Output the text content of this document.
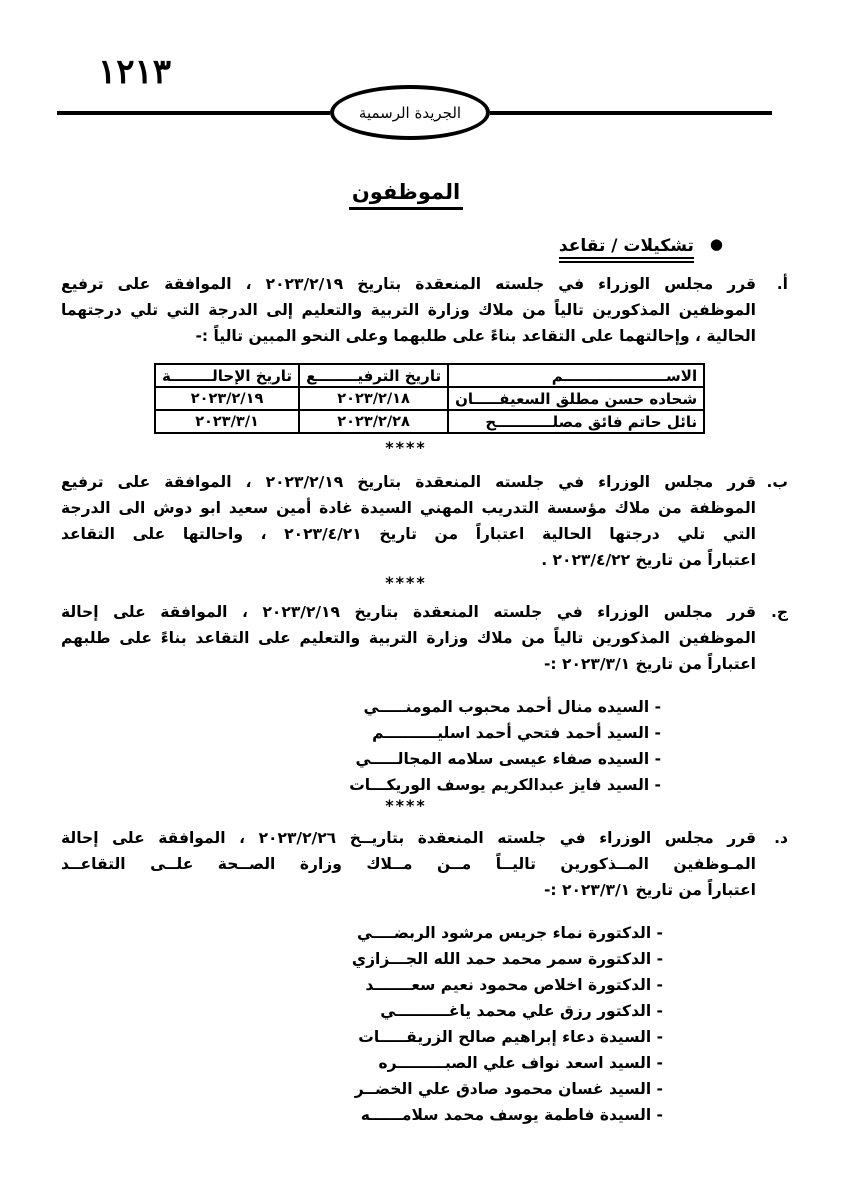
١٢١٣
الجريدة الرسمية
الموظفون
●
تشكيلات / تقاعد
أ.
قرر مجلس الوزراء في جلسته المنعقدة بتاريخ ٢٠٢٣/٢/١٩ ، الموافقة على ترفيع
الموظفين المذكورين تالياً من ملاك وزارة التربية والتعليم إلى الدرجة التي تلي درجتهما
الحالية ، وإحالتهما على التقاعد بناءً على طلبهما وعلى النحو المبين تالياً :-
الاســــــــــــــــــــم	تاريخ الترفيــــــــع	تاريخ الإحالــــــــة
شحاده حسن مطلق السعيفـــــان	٢٠٢٣/٢/١٨	٢٠٢٣/٢/١٩
نائل حاتم فائق مصلـــــــــــح	٢٠٢٣/٢/٢٨	٢٠٢٣/٣/١
****
ب.
قرر مجلس الوزراء في جلسته المنعقدة بتاريخ ٢٠٢٣/٢/١٩ ، الموافقة على ترفيع
الموظفة من ملاك مؤسسة التدريب المهني السيدة غادة أمين سعيد ابو دوش الى الدرجة
التي تلي درجتها الحالية اعتباراً من تاريخ ٢٠٢٣/٤/٢١ ، واحالتها على التقاعد
اعتباراً من تاريخ ٢٠٢٣/٤/٢٢ .
****
ج.
قرر مجلس الوزراء في جلسته المنعقدة بتاريخ ٢٠٢٣/٢/١٩ ، الموافقة على إحالة
الموظفين المذكورين تالياً من ملاك وزارة التربية والتعليم على التقاعد بناءً على طلبهم
اعتباراً من تاريخ ٢٠٢٣/٣/١ :-
- السيده منال أحمد محبوب المومنـــــي
- السيد أحمد فتحي أحمد اسليــــــــــم
- السيده صفاء عيسى سلامه المجالـــــي
- السيد فايز عبدالكريم يوسف الوريكـــات
****
د.
قرر مجلس الوزراء في جلسته المنعقدة بتاريــخ ٢٠٢٣/٢/٢٦ ، الموافقة على إحالة
المـوظفين المــذكورين تاليــاً مــن مــلاك وزارة الصــحة علــى التقاعــد
اعتباراً من تاريخ ٢٠٢٣/٣/١ :-
- الدكتورة نماء جريس مرشود الربضــــي
- الدكتورة سمر محمد حمد الله الجـــزازي
- الدكتورة اخلاص محمود نعيم سعـــــــد
- الدكتور رزق علي محمد ياغــــــــــي
- السيدة دعاء إبراهيم صالح الزريقـــــات
- السيد اسعد نواف علي الصبـــــــــره
- السيد غسان محمود صادق علي الخضــر
- السيدة فاطمة يوسف محمد سلامــــــه
